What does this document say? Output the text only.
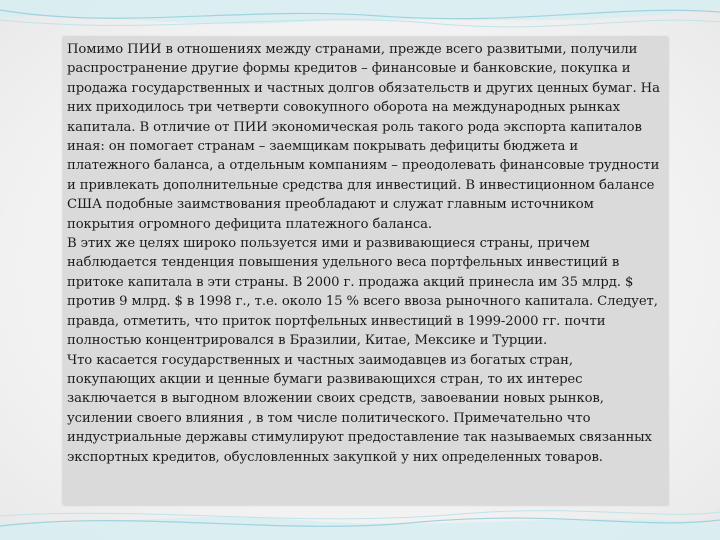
Помимо ПИИ в отношениях между странами, прежде всего развитыми, получили распространение другие формы кредитов – финансовые и банковские, покупка и продажа государственных и частных долгов обязательств и других ценных бумаг. На них приходилось три четверти совокупного оборота на международных рынках капитала. В отличие от ПИИ экономическая роль такого рода экспорта капиталов иная: он помогает странам – заемщикам покрывать дефициты бюджета и платежного баланса, а отдельным компаниям – преодолевать финансовые трудности и привлекать дополнительные средства для инвестиций. В инвестиционном балансе США подобные заимствования преобладают и служат главным источником покрытия огромного дефицита платежного баланса.

В этих же целях широко пользуется ими и развивающиеся страны, причем наблюдается тенденция повышения удельного веса портфельных инвестиций в притоке капитала в эти страны. В 2000 г. продажа акций принесла им 35 млрд. $ против 9 млрд. $ в 1998 г., т.е. около 15 % всего ввоза рыночного капитала. Следует, правда, отметить, что приток портфельных инвестиций в 1999-2000 гг. почти полностью концентрировался в Бразилии, Китае, Мексике и Турции.

Что касается государственных и частных заимодавцев из богатых стран, покупающих акции и ценные бумаги развивающихся стран, то их интерес заключается в выгодном вложении своих средств, завоевании новых рынков, усилении своего влияния , в том числе политического. Примечательно что индустриальные державы стимулируют предоставление так называемых связанных экспортных кредитов, обусловленных закупкой у них определенных товаров.
